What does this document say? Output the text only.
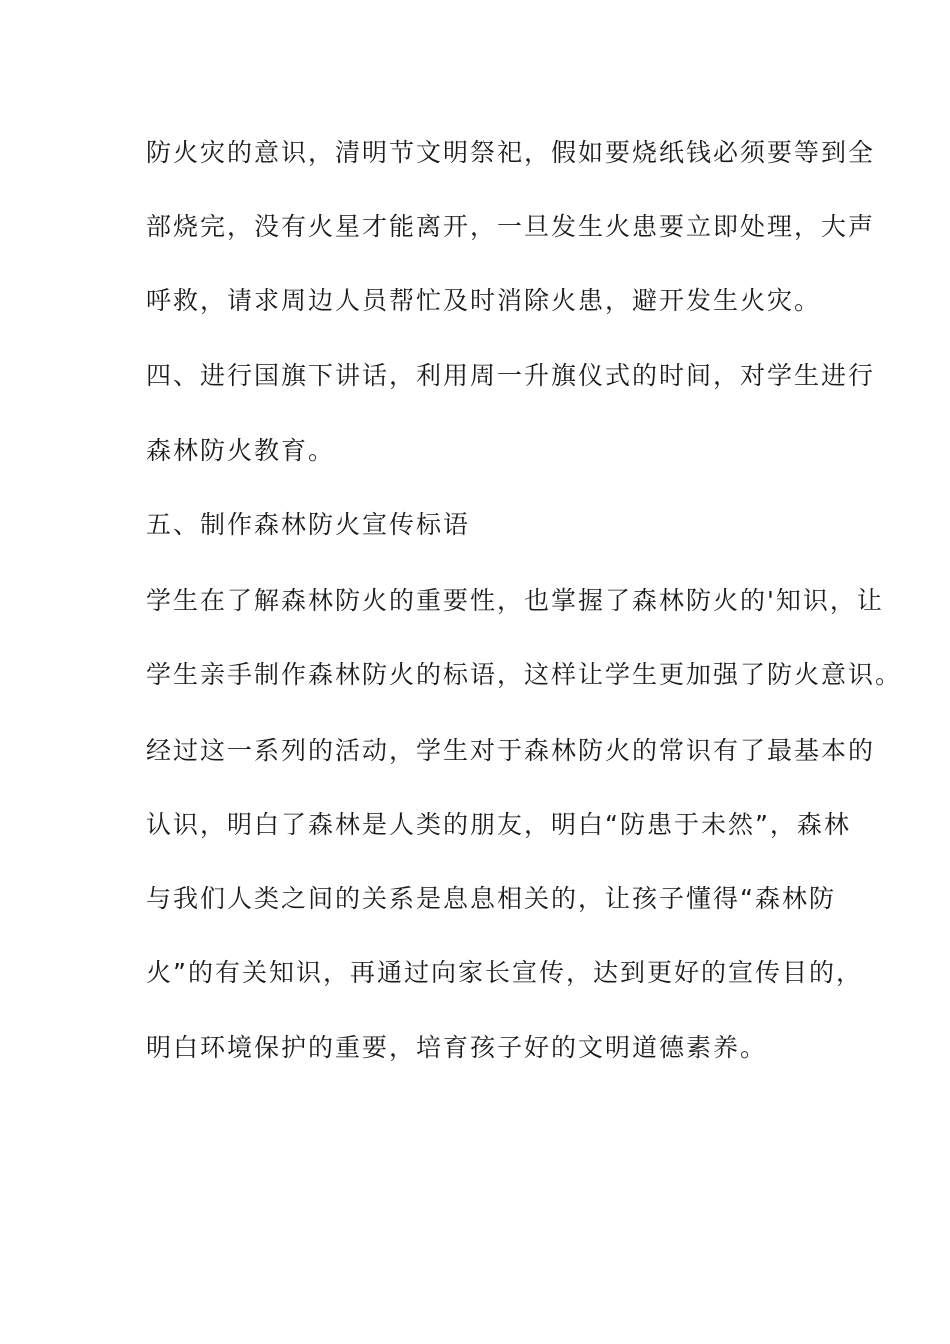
防火灾的意识，清明节文明祭祀，假如要烧纸钱必须要等到全
部烧完，没有火星才能离开，一旦发生火患要立即处理，大声
呼救，请求周边人员帮忙及时消除火患，避开发生火灾。
四、进行国旗下讲话，利用周一升旗仪式的时间，对学生进行
森林防火教育。
五、制作森林防火宣传标语
学生在了解森林防火的重要性，也掌握了森林防火的'知识，让
学生亲手制作森林防火的标语，这样让学生更加强了防火意识。
经过这一系列的活动，学生对于森林防火的常识有了最基本的
认识，明白了森林是人类的朋友，明白“防患于未然”，森林
与我们人类之间的关系是息息相关的，让孩子懂得“森林防
火”的有关知识，再通过向家长宣传，达到更好的宣传目的，
明白环境保护的重要，培育孩子好的文明道德素养。
